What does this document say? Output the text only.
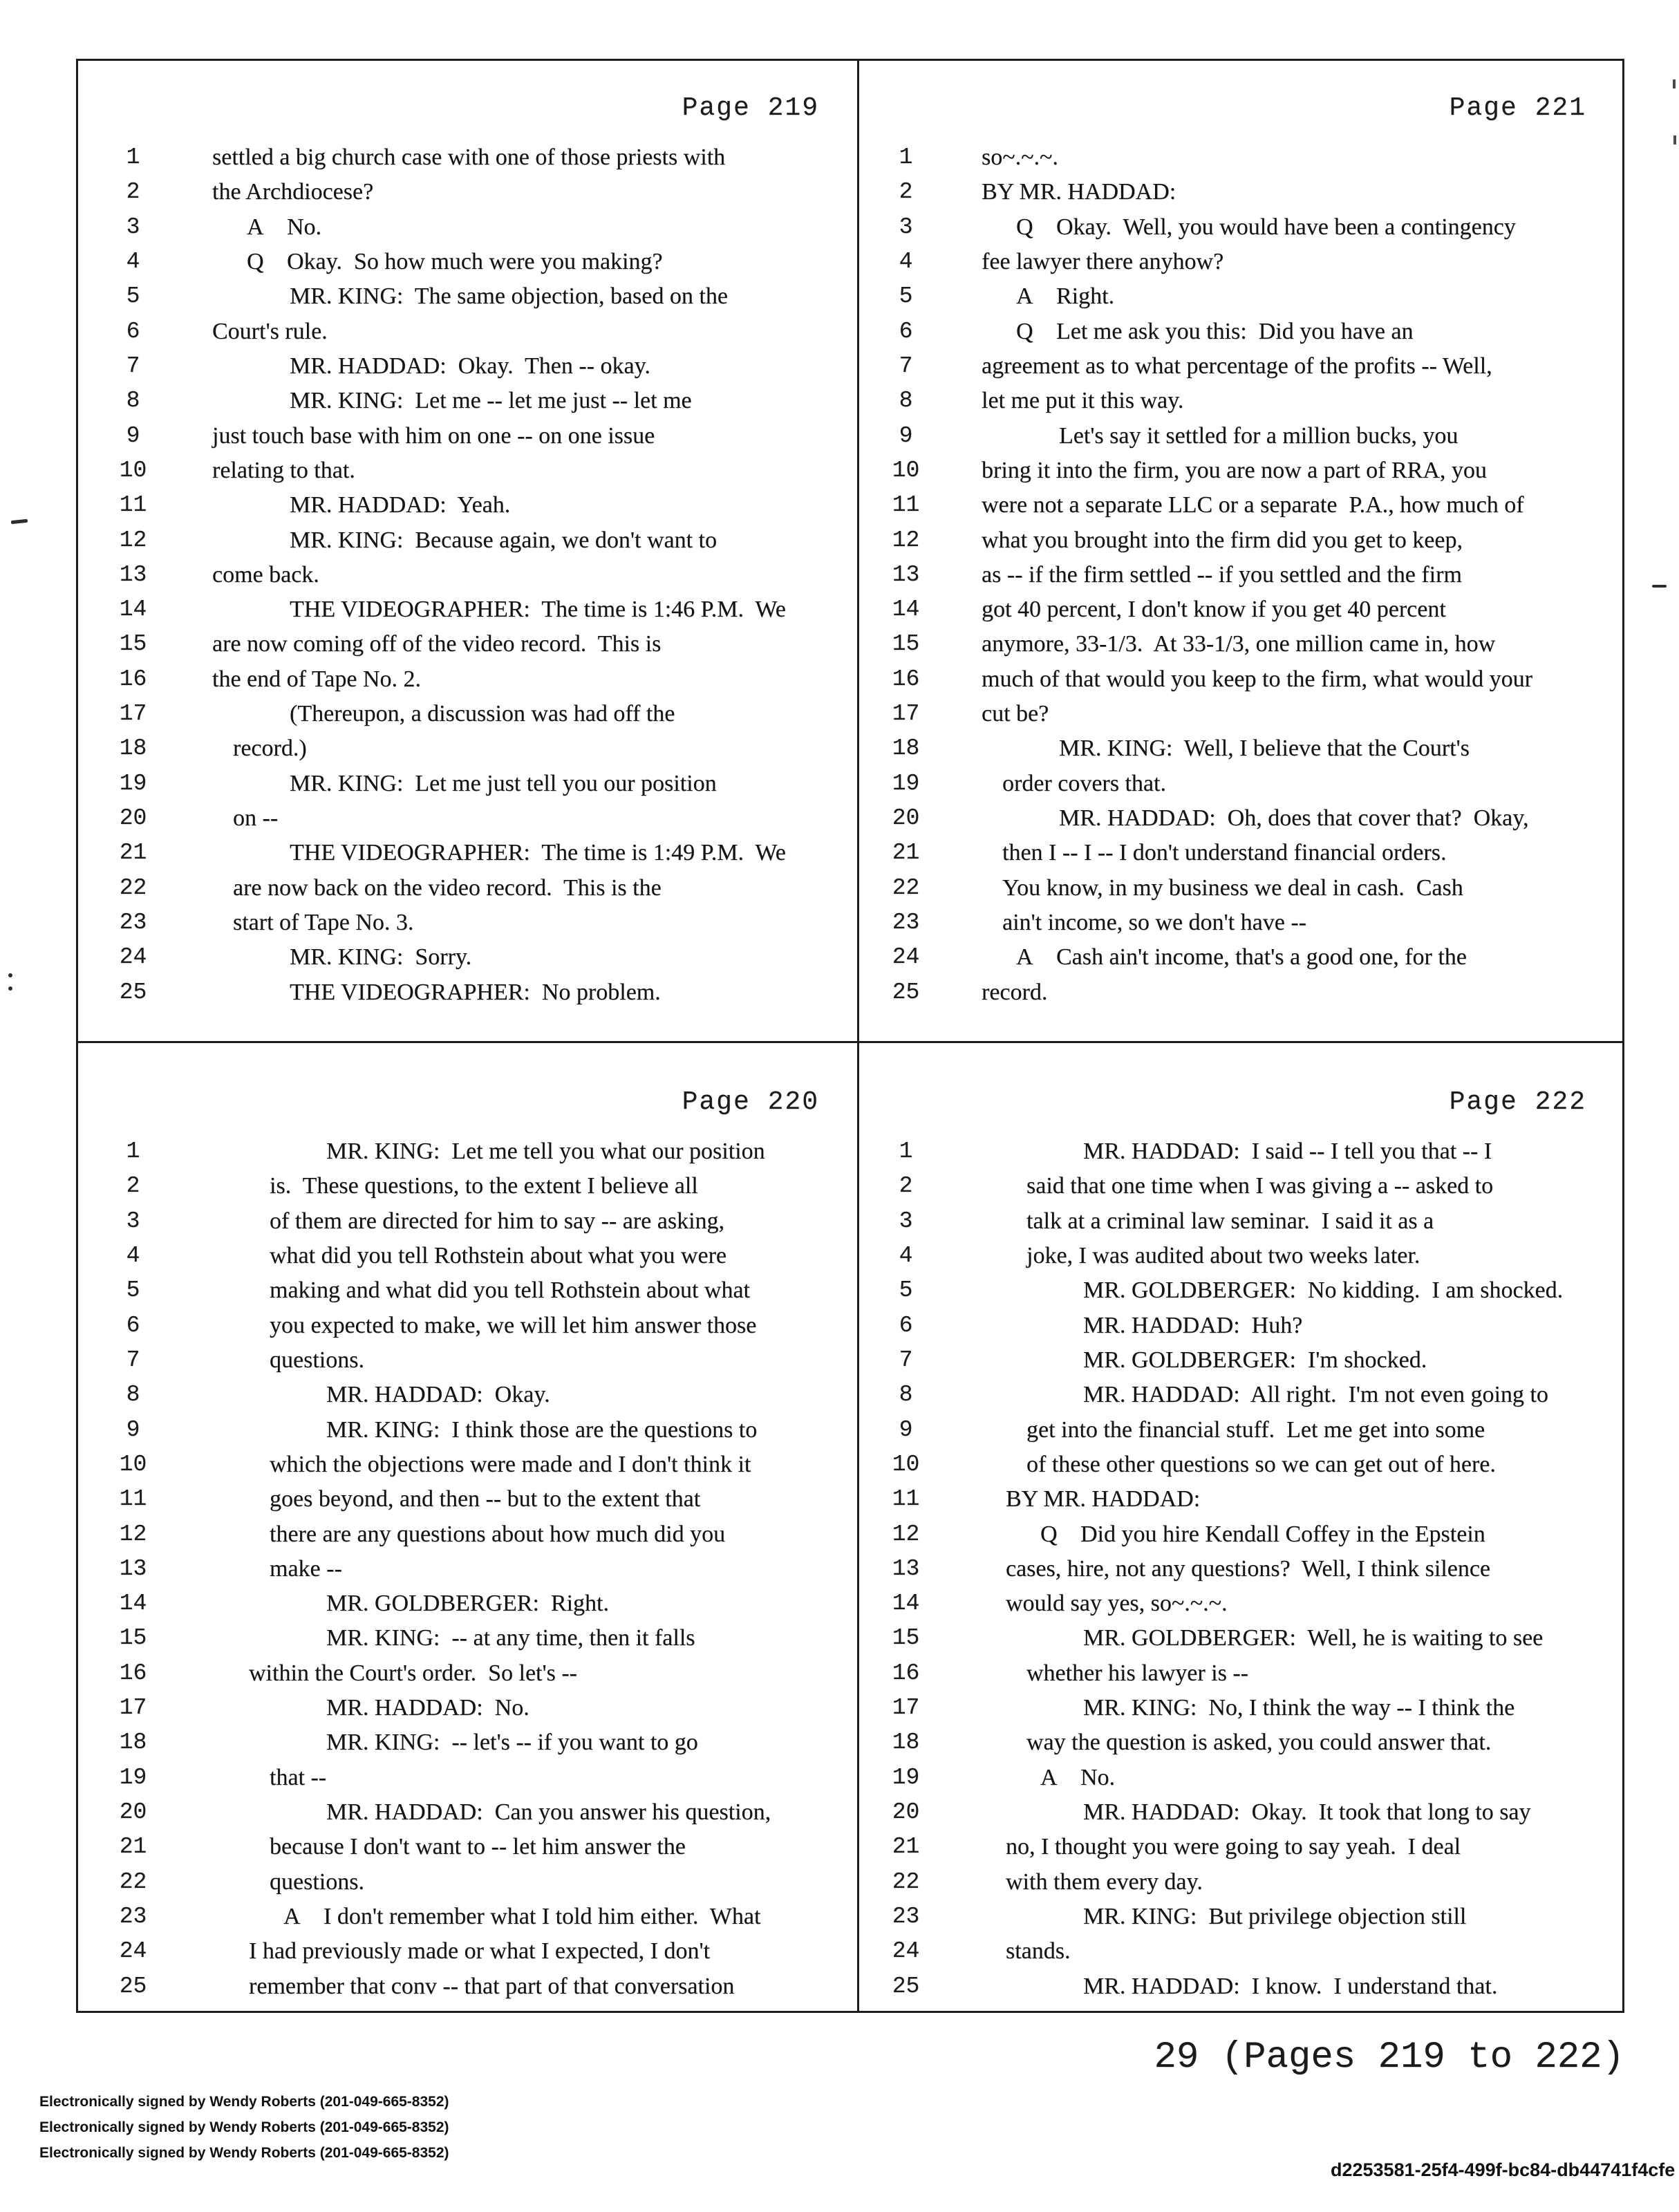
Page 219
1	settled a big church case with one of those priests with
2	the Archdiocese?
3	A No.
4	Q Okay.  So how much were you making?
5	MR. KING:  The same objection, based on the
6	Court's rule.
7	MR. HADDAD:  Okay.  Then -- okay.
8	MR. KING:  Let me -- let me just -- let me
9	just touch base with him on one -- on one issue
10	relating to that.
11	MR. HADDAD:  Yeah.
12	MR. KING:  Because again, we don't want to
13	come back.
14	THE VIDEOGRAPHER:  The time is 1:46 P.M.  We
15	are now coming off of the video record.  This is
16	the end of Tape No. 2.
17	(Thereupon, a discussion was had off the
18	record.)
19	MR. KING:  Let me just tell you our position
20	on --
21	THE VIDEOGRAPHER:  The time is 1:49 P.M.  We
22	are now back on the video record.  This is the
23	start of Tape No. 3.
24	MR. KING:  Sorry.
25	THE VIDEOGRAPHER:  No problem.
Page 221
1	so~.~.~.
2	BY MR. HADDAD:
3	Q Okay.  Well, you would have been a contingency
4	fee lawyer there anyhow?
5	A Right.
6	Q Let me ask you this:  Did you have an
7	agreement as to what percentage of the profits -- Well,
8	let me put it this way.
9	Let's say it settled for a million bucks, you
10	bring it into the firm, you are now a part of RRA, you
11	were not a separate LLC or a separate  P.A., how much of
12	what you brought into the firm did you get to keep,
13	as -- if the firm settled -- if you settled and the firm
14	got 40 percent, I don't know if you get 40 percent
15	anymore, 33-1/3.  At 33-1/3, one million came in, how
16	much of that would you keep to the firm, what would your
17	cut be?
18	MR. KING:  Well, I believe that the Court's
19	order covers that.
20	MR. HADDAD:  Oh, does that cover that?  Okay,
21	then I -- I -- I don't understand financial orders.
22	You know, in my business we deal in cash.  Cash
23	ain't income, so we don't have --
24	A Cash ain't income, that's a good one, for the
25	record.
Page 220
1	MR. KING:  Let me tell you what our position
2	is.  These questions, to the extent I believe all
3	of them are directed for him to say -- are asking,
4	what did you tell Rothstein about what you were
5	making and what did you tell Rothstein about what
6	you expected to make, we will let him answer those
7	questions.
8	MR. HADDAD:  Okay.
9	MR. KING:  I think those are the questions to
10	which the objections were made and I don't think it
11	goes beyond, and then -- but to the extent that
12	there are any questions about how much did you
13	make --
14	MR. GOLDBERGER:  Right.
15	MR. KING:  -- at any time, then it falls
16	within the Court's order.  So let's --
17	MR. HADDAD:  No.
18	MR. KING:  -- let's -- if you want to go
19	that --
20	MR. HADDAD:  Can you answer his question,
21	because I don't want to -- let him answer the
22	questions.
23	A I don't remember what I told him either.  What
24	I had previously made or what I expected, I don't
25	remember that conv -- that part of that conversation
Page 222
1	MR. HADDAD:  I said -- I tell you that -- I
2	said that one time when I was giving a -- asked to
3	talk at a criminal law seminar.  I said it as a
4	joke, I was audited about two weeks later.
5	MR. GOLDBERGER:  No kidding.  I am shocked.
6	MR. HADDAD:  Huh?
7	MR. GOLDBERGER:  I'm shocked.
8	MR. HADDAD:  All right.  I'm not even going to
9	get into the financial stuff.  Let me get into some
10	of these other questions so we can get out of here.
11	BY MR. HADDAD:
12	Q Did you hire Kendall Coffey in the Epstein
13	cases, hire, not any questions?  Well, I think silence
14	would say yes, so~.~.~.
15	MR. GOLDBERGER:  Well, he is waiting to see
16	whether his lawyer is --
17	MR. KING:  No, I think the way -- I think the
18	way the question is asked, you could answer that.
19	A No.
20	MR. HADDAD:  Okay.  It took that long to say
21	no, I thought you were going to say yeah.  I deal
22	with them every day.
23	MR. KING:  But privilege objection still
24	stands.
25	MR. HADDAD:  I know.  I understand that.
29 (Pages 219 to 222)
Electronically signed by Wendy Roberts (201-049-665-8352)
Electronically signed by Wendy Roberts (201-049-665-8352)
Electronically signed by Wendy Roberts (201-049-665-8352)
d2253581-25f4-499f-bc84-db44741f4cfe
